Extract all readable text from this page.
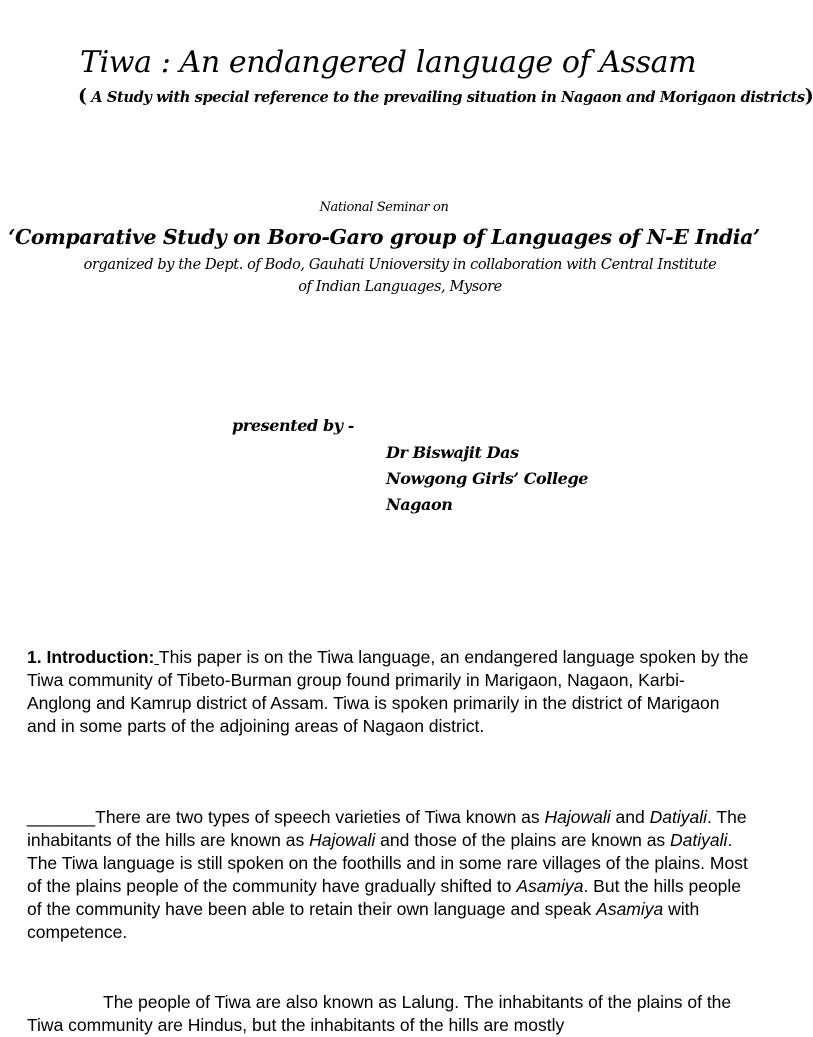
Tiwa : An endangered language of Assam
( A Study with special reference to the prevailing situation in Nagaon and Morigaon districts)
National Seminar on
‘Comparative Study on Boro-Garo group of Languages of N-E India’
organized by the Dept. of Bodo, Gauhati Unioversity in collaboration with Central Institute
of Indian Languages, Mysore
presented by -
Dr Biswajit Das
Nowgong Girls’ College
Nagaon
1. Introduction: This paper is on the Tiwa language, an endangered language spoken by the Tiwa community of Tibeto-Burman group found primarily in Marigaon, Nagaon, Karbi-Anglong and Kamrup district of Assam. Tiwa is spoken primarily in the district of Marigaon and in some parts of the adjoining areas of Nagaon district.
_______There are two types of speech varieties of Tiwa known as Hajowali and Datiyali. The inhabitants of the hills are known as Hajowali and those of the plains are known as Datiyali. The Tiwa language is still spoken on the foothills and in some rare villages of the plains. Most of the plains people of the community have gradually shifted to Asamiya. But the hills people of the community have been able to retain their own language and speak Asamiya with competence.
The people of Tiwa are also known as Lalung. The inhabitants of the plains of the Tiwa community are Hindus, but the inhabitants of the hills are mostly
